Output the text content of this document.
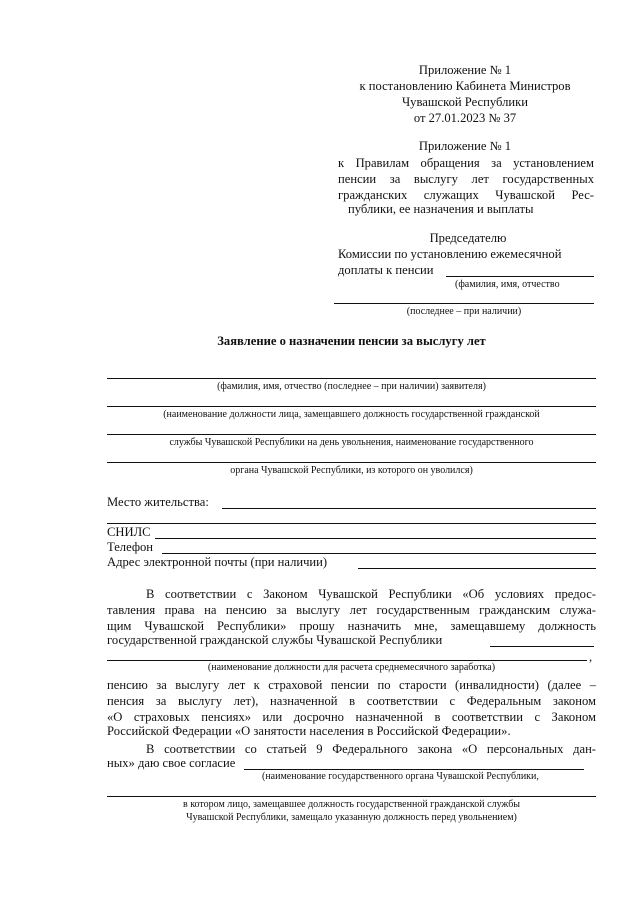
Приложение № 1
к постановлению Кабинета Министров
Чувашской Республики
от 27.01.2023 № 37
Приложение № 1
к Правилам обращения за установлением
пенсии за выслугу лет государственных
гражданских служащих Чувашской Рес-
публики, ее назначения и выплаты
Председателю
Комиссии по установлению ежемесячной
доплаты к пенсии
(фамилия, имя, отчество
(последнее – при наличии)
Заявление о назначении пенсии за выслугу лет
(фамилия, имя, отчество (последнее – при наличии) заявителя)
(наименование должности лица, замещавшего должность государственной гражданской
службы Чувашской Республики на день увольнения, наименование государственного
органа Чувашской Республики, из которого он уволился)
Место жительства:
СНИЛС
Телефон
Адрес электронной почты (при наличии)
В соответствии с Законом Чувашской Республики «Об условиях предос-
тавления права на пенсию за выслугу лет государственным гражданским служа-
щим Чувашской Республики» прошу назначить мне, замещавшему должность
государственной гражданской службы Чувашской Республики
,
(наименование должности для расчета среднемесячного заработка)
пенсию за выслугу лет к страховой пенсии по старости (инвалидности) (далее –
пенсия за выслугу лет), назначенной в соответствии с Федеральным законом
«О страховых пенсиях» или досрочно назначенной в соответствии с Законом
Российской Федерации «О занятости населения в Российской Федерации».
В соответствии со статьей 9 Федерального закона «О персональных дан-
ных» даю свое согласие
(наименование государственного органа Чувашской Республики,
в котором лицо, замещавшее должность государственной гражданской службы
Чувашской Республики, замещало указанную должность перед увольнением)
